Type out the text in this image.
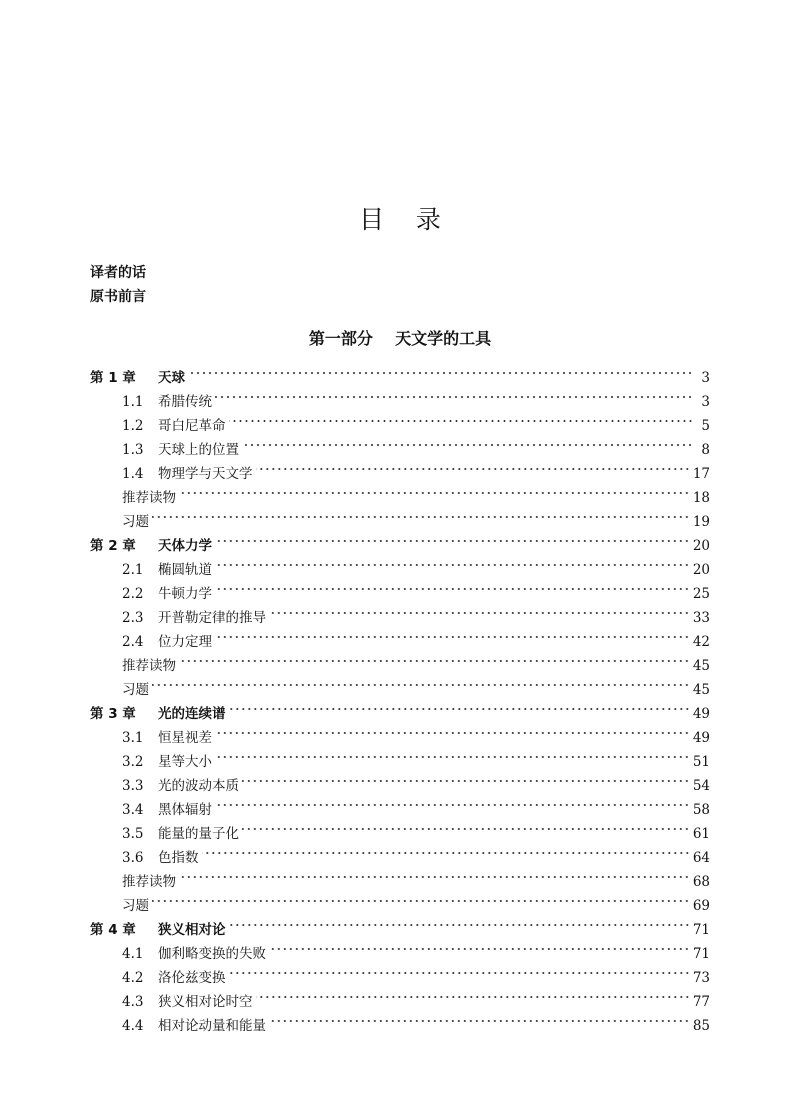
目    录
译者的话
原书前言
第一部分    天文学的工具
第 1 章	天球	3
1.1	希腊传统	3
1.2	哥白尼革命	5
1.3	天球上的位置	8
1.4	物理学与天文学	17
推荐读物	18
习题	19
第 2 章	天体力学	20
2.1	椭圆轨道	20
2.2	牛顿力学	25
2.3	开普勒定律的推导	33
2.4	位力定理	42
推荐读物	45
习题	45
第 3 章	光的连续谱	49
3.1	恒星视差	49
3.2	星等大小	51
3.3	光的波动本质	54
3.4	黑体辐射	58
3.5	能量的量子化	61
3.6	色指数	64
推荐读物	68
习题	69
第 4 章	狭义相对论	71
4.1	伽利略变换的失败	71
4.2	洛伦兹变换	73
4.3	狭义相对论时空	77
4.4	相对论动量和能量	85
